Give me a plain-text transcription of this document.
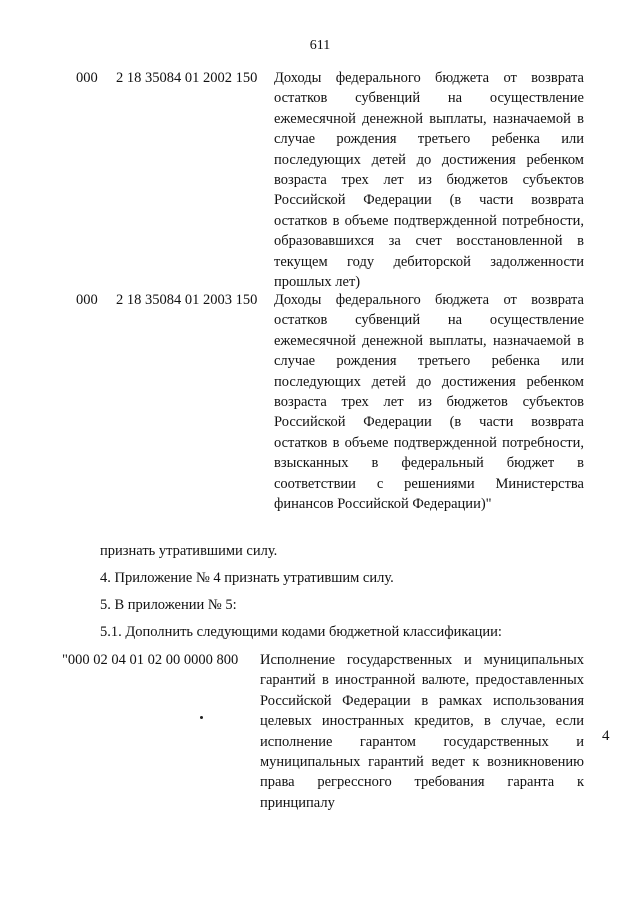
611
000 2 18 35084 01 2002 150 Доходы федерального бюджета от возврата остатков субвенций на осуществление ежемесячной денежной выплаты, назначаемой в случае рождения третьего ребенка или последующих детей до достижения ребенком возраста трех лет из бюджетов субъектов Российской Федерации (в части возврата остатков в объеме подтвержденной потребности, образовавшихся за счет восстановленной в текущем году дебиторской задолженности прошлых лет)
000 2 18 35084 01 2003 150 Доходы федерального бюджета от возврата остатков субвенций на осуществление ежемесячной денежной выплаты, назначаемой в случае рождения третьего ребенка или последующих детей до достижения ребенком возраста трех лет из бюджетов субъектов Российской Федерации (в части возврата остатков в объеме подтвержденной потребности, взысканных в федеральный бюджет в соответствии с решениями Министерства финансов Российской Федерации)"
признать утратившими силу.
4. Приложение № 4 признать утратившим силу.
5. В приложении № 5:
5.1. Дополнить следующими кодами бюджетной классификации:
"000 02 04 01 02 00 0000 800 Исполнение государственных и муниципальных гарантий в иностранной валюте, предоставленных Российской Федерации в рамках использования целевых иностранных кредитов, в случае, если исполнение гарантом государственных и муниципальных гарантий ведет к возникновению права регрессного требования гаранта к принципалу
4
